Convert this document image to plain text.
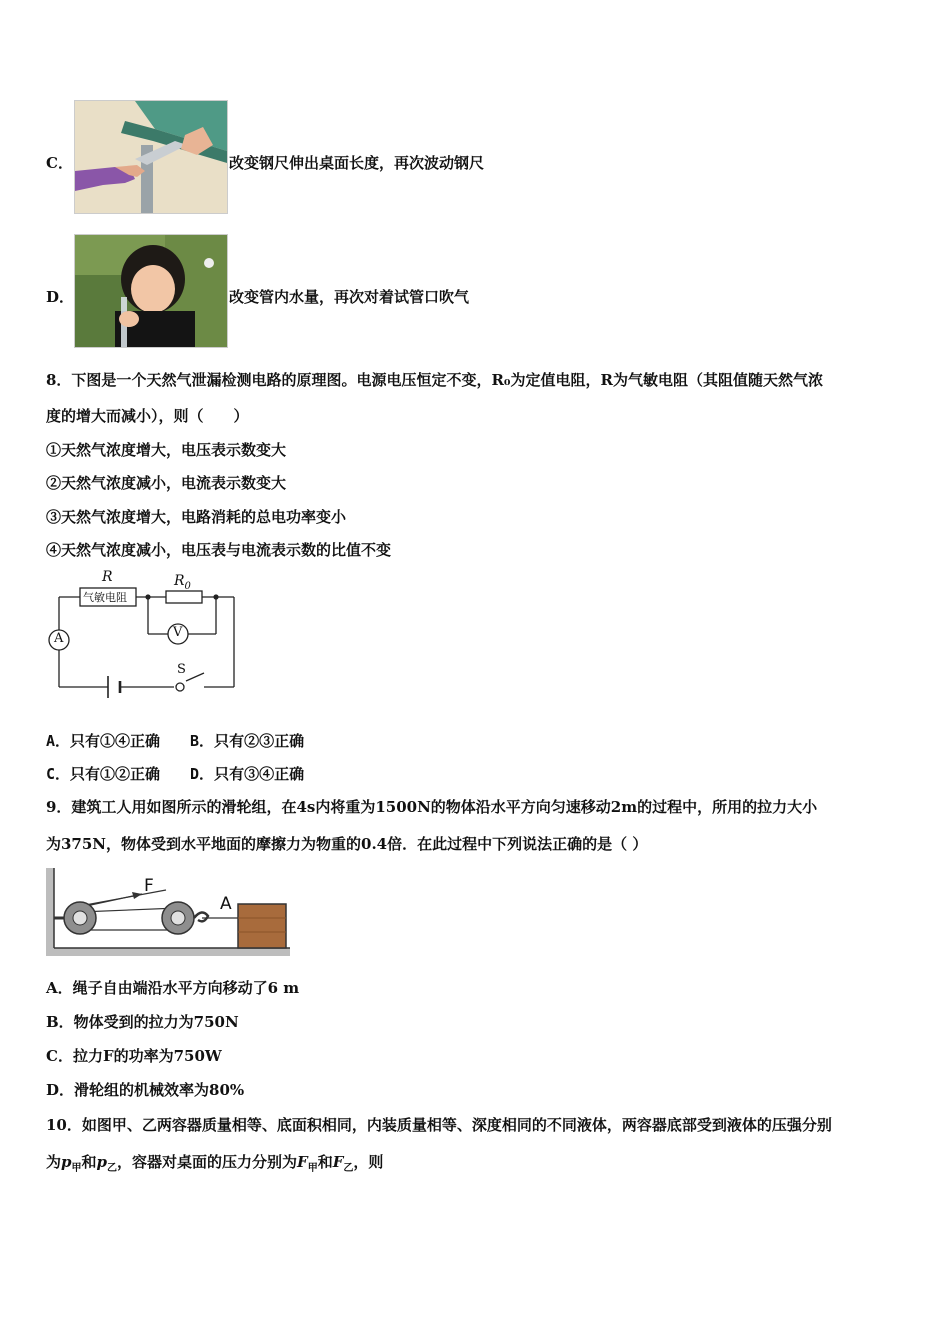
C．	改变钢尺伸出桌面长度，再次波动钢尺
D．	改变管内水量，再次对着试管口吹气
8．下图是一个天然气泄漏检测电路的原理图。电源电压恒定不变，R₀为定值电阻，R为气敏电阻（其阻值随天然气浓
度的增大而减小），则（　　）
①天然气浓度增大，电压表示数变大
②天然气浓度减小，电流表示数变大
③天然气浓度增大，电路消耗的总电功率变小
④天然气浓度减小，电压表与电流表示数的比值不变
R
气敏电阻
$R_0$
A	V
S
A．只有①④正确　　B．只有②③正确
C．只有①②正确　　D．只有③④正确
9．建筑工人用如图所示的滑轮组，在4s内将重为1500N的物体沿水平方向匀速移动2m的过程中，所用的拉力大小
为375N，物体受到水平地面的摩擦力为物重的0.4倍．在此过程中下列说法正确的是（ ）
F
A
A．绳子自由端沿水平方向移动了6 m
B．物体受到的拉力为750N
C．拉力F的功率为750W
D．滑轮组的机械效率为80%
10．如图甲、乙两容器质量相等、底面积相同，内装质量相等、深度相同的不同液体，两容器底部受到液体的压强分别
为$p_甲$和$p_乙$，容器对桌面的压力分别为$F_甲$和$F_乙$，则
